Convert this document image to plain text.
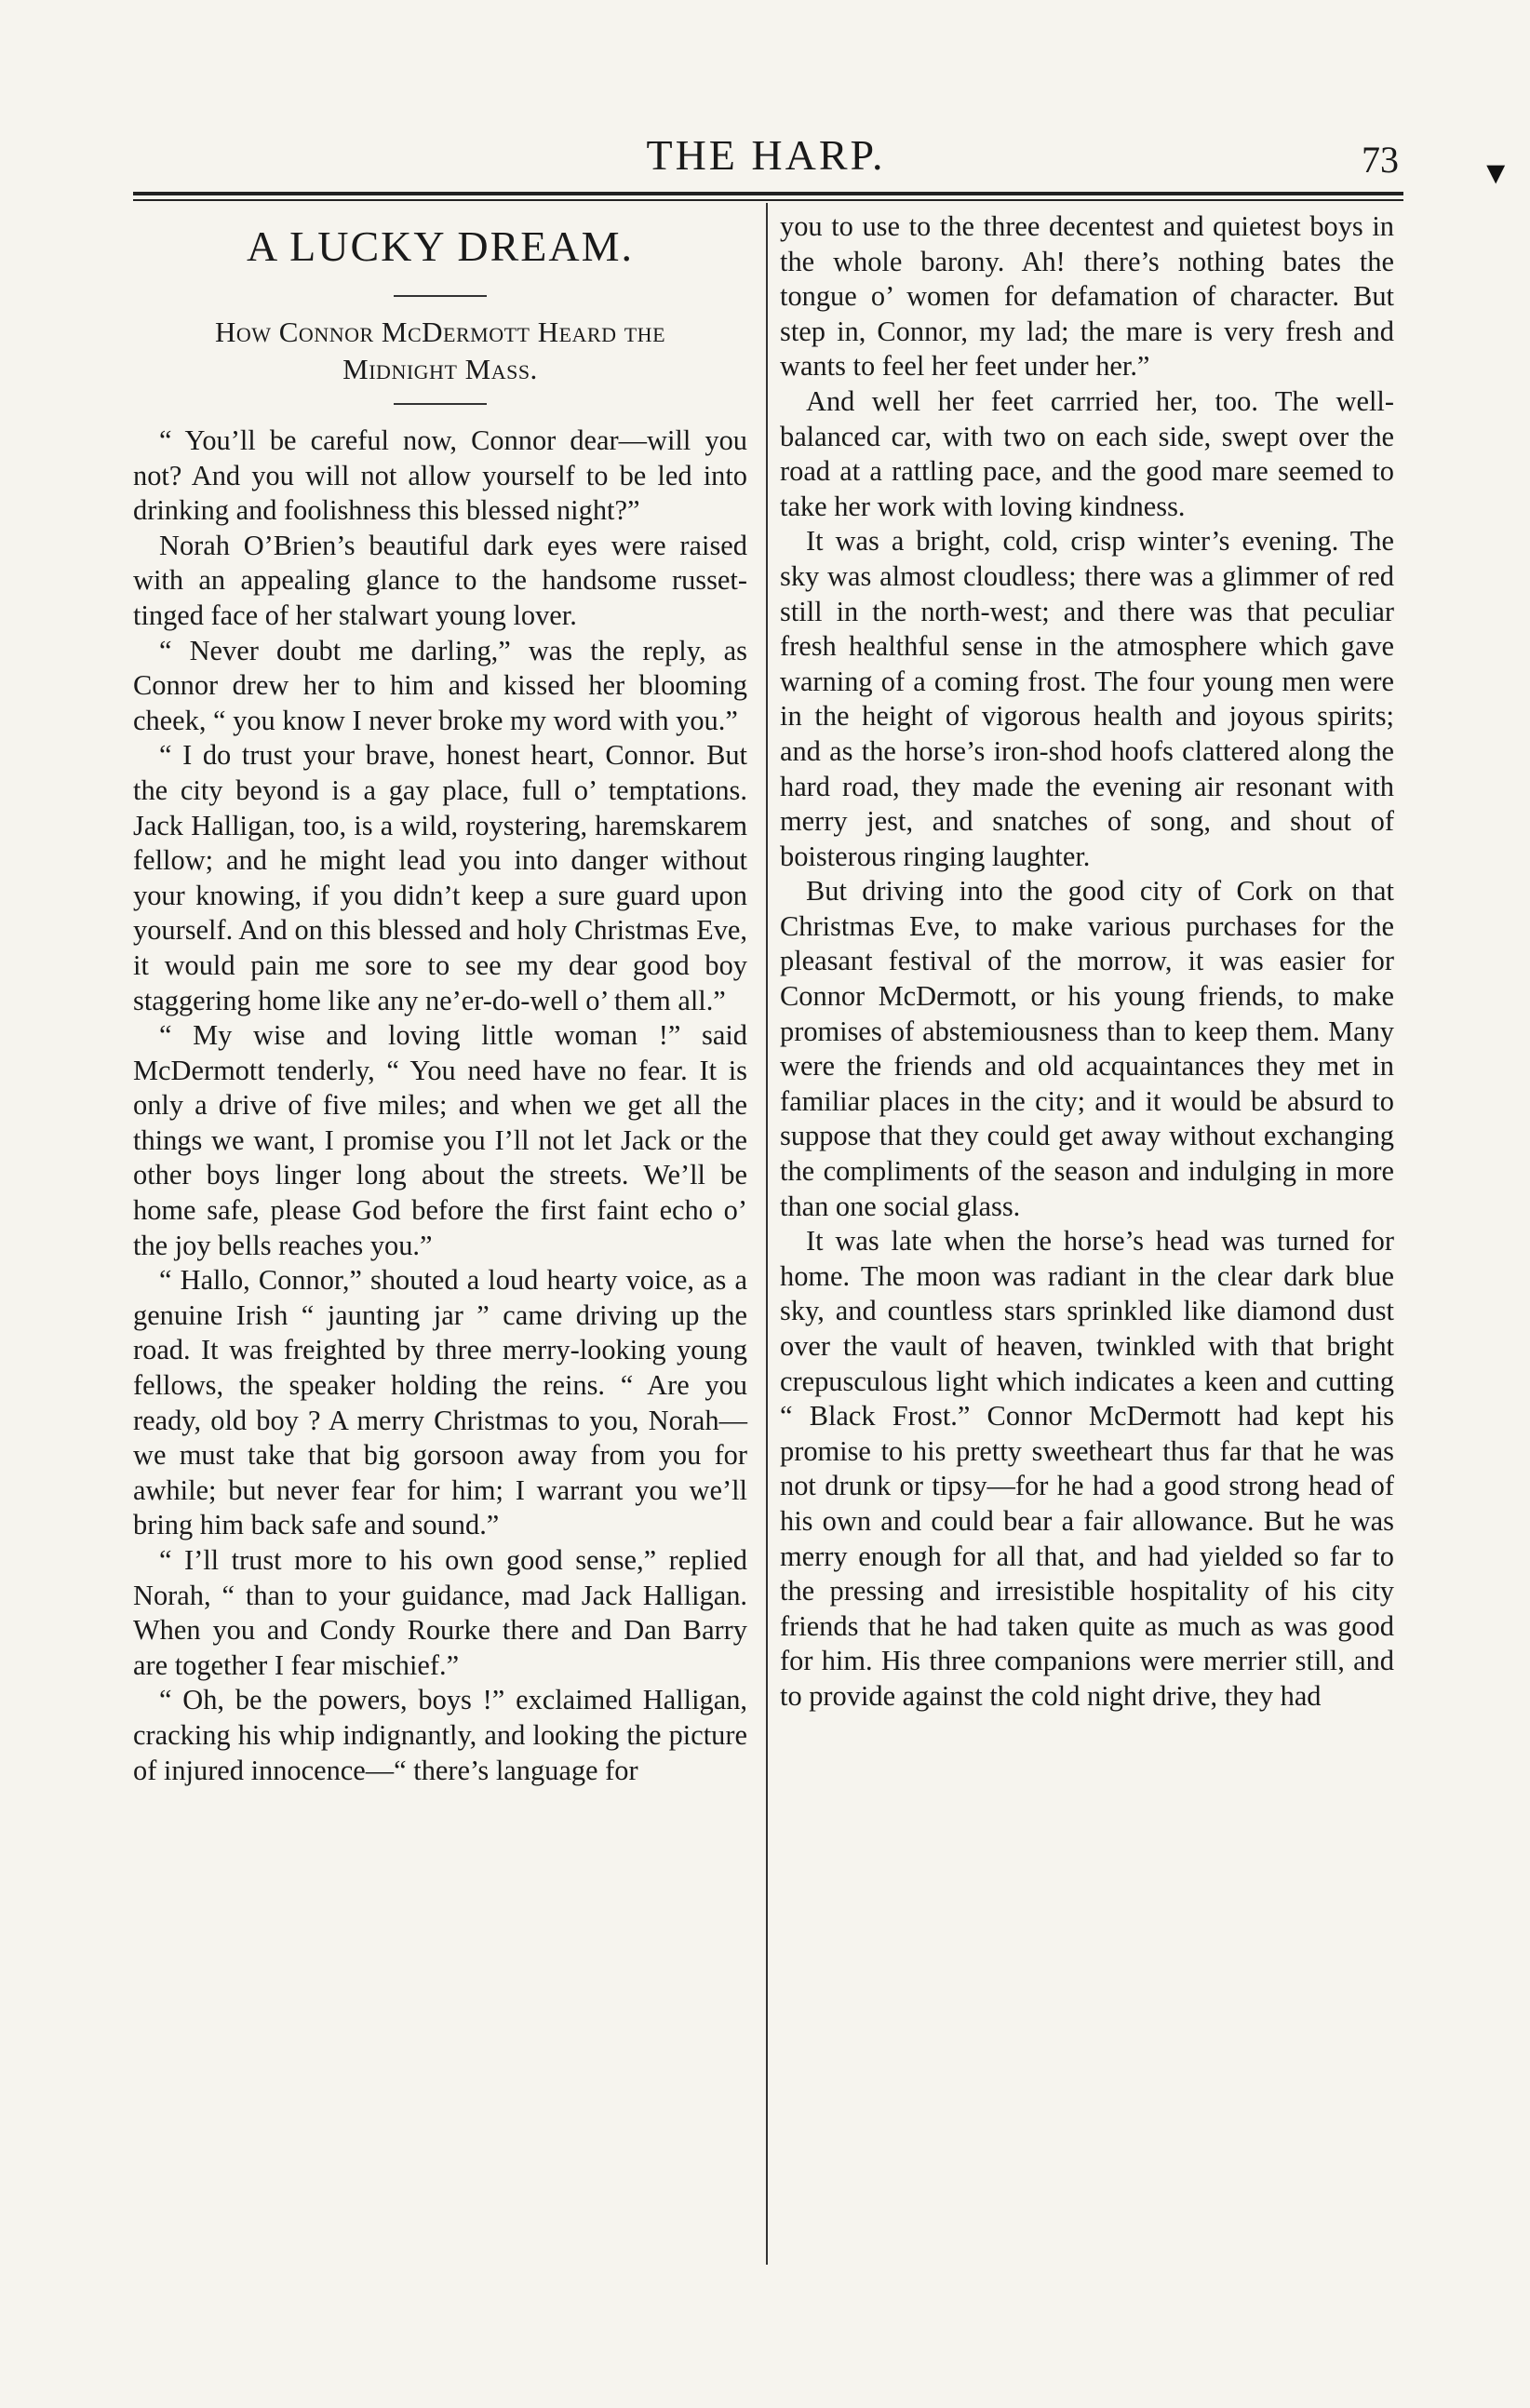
THE HARP.	73	▼
A LUCKY DREAM.
How Connor McDermott Heard the
Midnight Mass.

“ You’ll be careful now, Connor dear—will you not? And you will not allow yourself to be led into drinking and foolishness this blessed night?”

Norah O’Brien’s beautiful dark eyes were raised with an appealing glance to the handsome russet-tinged face of her stalwart young lover.

“ Never doubt me darling,” was the reply, as Connor drew her to him and kissed her blooming cheek, “ you know I never broke my word with you.”

“ I do trust your brave, honest heart, Connor. But the city beyond is a gay place, full o’ temptations. Jack Halligan, too, is a wild, roystering, haremskarem fellow; and he might lead you into danger without your knowing, if you didn’t keep a sure guard upon yourself. And on this blessed and holy Christmas Eve, it would pain me sore to see my dear good boy staggering home like any ne’er-do-well o’ them all.”

“ My wise and loving little woman !” said McDermott tenderly, “ You need have no fear. It is only a drive of five miles; and when we get all the things we want, I promise you I’ll not let Jack or the other boys linger long about the streets. We’ll be home safe, please God before the first faint echo o’ the joy bells reaches you.”

“ Hallo, Connor,” shouted a loud hearty voice, as a genuine Irish “ jaunting jar ” came driving up the road. It was freighted by three merry-looking young fellows, the speaker holding the reins. “ Are you ready, old boy ? A merry Christmas to you, Norah—we must take that big gorsoon away from you for awhile; but never fear for him; I warrant you we’ll bring him back safe and sound.”

“ I’ll trust more to his own good sense,” replied Norah, “ than to your guidance, mad Jack Halligan. When you and Condy Rourke there and Dan Barry are together I fear mischief.”

“ Oh, be the powers, boys !” exclaimed Halligan, cracking his whip indignantly, and looking the picture of injured innocence—“ there’s language for

you to use to the three decentest and quietest boys in the whole barony. Ah! there’s nothing bates the tongue o’ women for defamation of character. But step in, Connor, my lad; the mare is very fresh and wants to feel her feet under her.”

And well her feet carrried her, too. The well-balanced car, with two on each side, swept over the road at a rattling pace, and the good mare seemed to take her work with loving kindness.

It was a bright, cold, crisp winter’s evening. The sky was almost cloudless; there was a glimmer of red still in the north-west; and there was that peculiar fresh healthful sense in the atmosphere which gave warning of a coming frost. The four young men were in the height of vigorous health and joyous spirits; and as the horse’s iron-shod hoofs clattered along the hard road, they made the evening air resonant with merry jest, and snatches of song, and shout of boisterous ringing laughter.

But driving into the good city of Cork on that Christmas Eve, to make various purchases for the pleasant festival of the morrow, it was easier for Connor McDermott, or his young friends, to make promises of abstemiousness than to keep them. Many were the friends and old acquaintances they met in familiar places in the city; and it would be absurd to suppose that they could get away without exchanging the compliments of the season and indulging in more than one social glass.

It was late when the horse’s head was turned for home. The moon was radiant in the clear dark blue sky, and countless stars sprinkled like diamond dust over the vault of heaven, twinkled with that bright crepusculous light which indicates a keen and cutting “ Black Frost.” Connor McDermott had kept his promise to his pretty sweetheart thus far that he was not drunk or tipsy—for he had a good strong head of his own and could bear a fair allowance. But he was merry enough for all that, and had yielded so far to the pressing and irresistible hospitality of his city friends that he had taken quite as much as was good for him. His three companions were merrier still, and to provide against the cold night drive, they had
